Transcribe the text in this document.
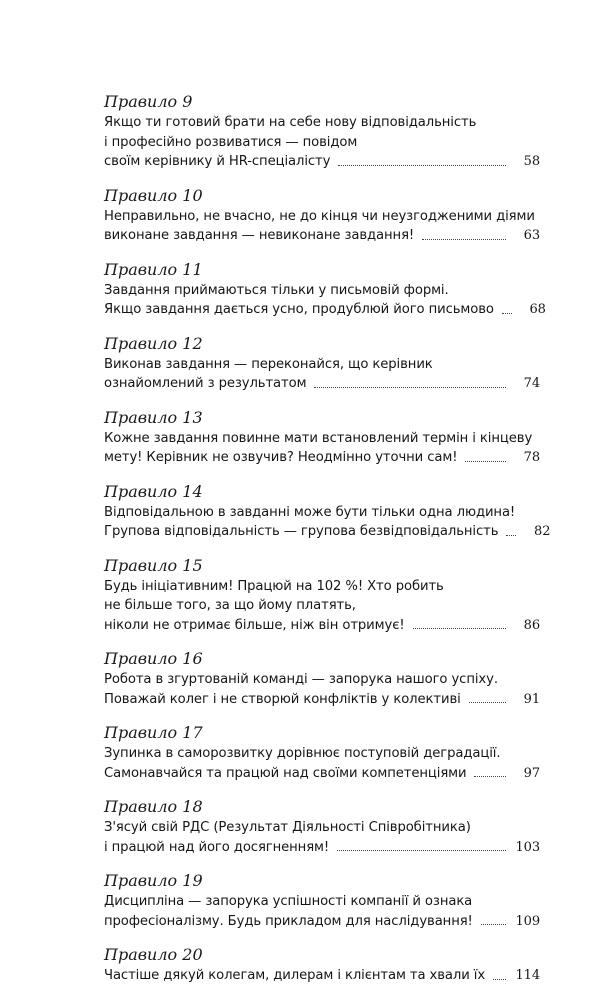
Правило 9
Якщо ти готовий брати на себе нову відповідальність
і професійно розвиватися — повідом
своїм керівнику й HR-спеціалісту	58
Правило 10
Неправильно, не вчасно, не до кінця чи неузгодженими діями
виконане завдання — невиконане завдання!	63
Правило 11
Завдання приймаються тільки у письмовій формі.
Якщо завдання дається усно, продублюй його письмово	68
Правило 12
Виконав завдання — переконайся, що керівник
ознайомлений з результатом	74
Правило 13
Кожне завдання повинне мати встановлений термін і кінцеву
мету! Керівник не озвучив? Неодмінно уточни сам!	78
Правило 14
Відповідальною в завданні може бути тільки одна людина!
Групова відповідальність — групова безвідповідальність	82
Правило 15
Будь ініціативним! Працюй на 102 %! Хто робить
не більше того, за що йому платять,
ніколи не отримає більше, ніж він отримує!	86
Правило 16
Робота в згуртованій команді — запорука нашого успіху.
Поважай колег і не створюй конфліктів у колективі	91
Правило 17
Зупинка в саморозвитку дорівнює поступовій деградації.
Самонавчайся та працюй над своїми компетенціями	97
Правило 18
З'ясуй свій РДС (Результат Діяльності Співробітника)
і працюй над його досягненням!	103
Правило 19
Дисципліна — запорука успішності компанії й ознака
професіоналізму. Будь прикладом для наслідування!	109
Правило 20
Частіше дякуй колегам, дилерам і клієнтам та хвали їх 114
